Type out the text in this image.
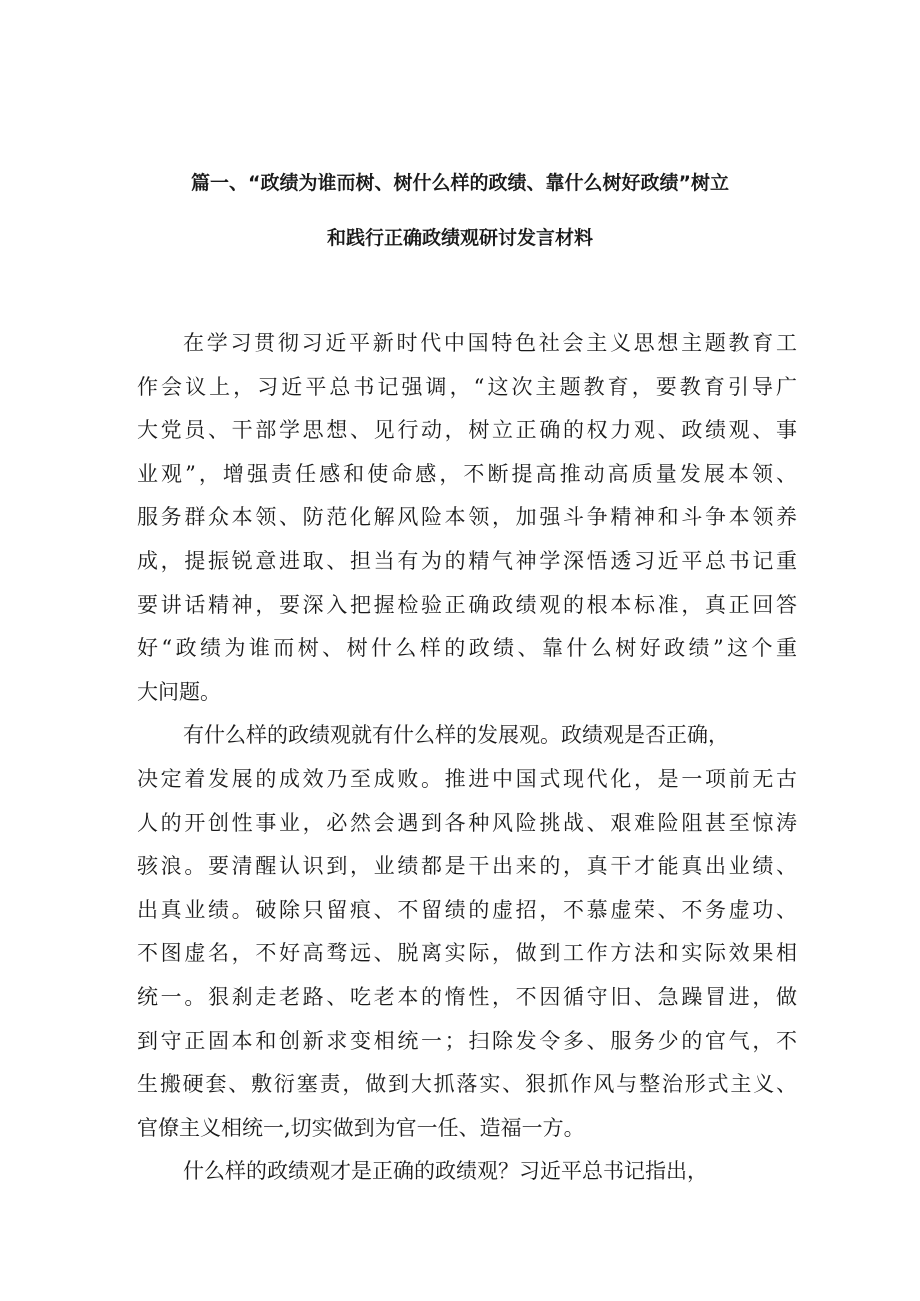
篇一、“政绩为谁而树、树什么样的政绩、靠什么树好政绩”树立
和践行正确政绩观研讨发言材料
在学习贯彻习近平新时代中国特色社会主义思想主题教育工
作会议上，习近平总书记强调，“这次主题教育，要教育引导广
大党员、干部学思想、见行动，树立正确的权力观、政绩观、事
业观”，增强责任感和使命感，不断提高推动高质量发展本领、
服务群众本领、防范化解风险本领，加强斗争精神和斗争本领养
成，提振锐意进取、担当有为的精气神学深悟透习近平总书记重
要讲话精神，要深入把握检验正确政绩观的根本标准，真正回答
好“政绩为谁而树、树什么样的政绩、靠什么树好政绩”这个重
大问题。
有什么样的政绩观就有什么样的发展观。政绩观是否正确，
决定着发展的成效乃至成败。推进中国式现代化，是一项前无古
人的开创性事业，必然会遇到各种风险挑战、艰难险阻甚至惊涛
骇浪。要清醒认识到，业绩都是干出来的，真干才能真出业绩、
出真业绩。破除只留痕、不留绩的虚招，不慕虚荣、不务虚功、
不图虚名，不好高骛远、脱离实际，做到工作方法和实际效果相
统一。狠刹走老路、吃老本的惰性，不因循守旧、急躁冒进，做
到守正固本和创新求变相统一；扫除发令多、服务少的官气，不
生搬硬套、敷衍塞责，做到大抓落实、狠抓作风与整治形式主义、
官僚主义相统一,切实做到为官一任、造福一方。
什么样的政绩观才是正确的政绩观？习近平总书记指出，
